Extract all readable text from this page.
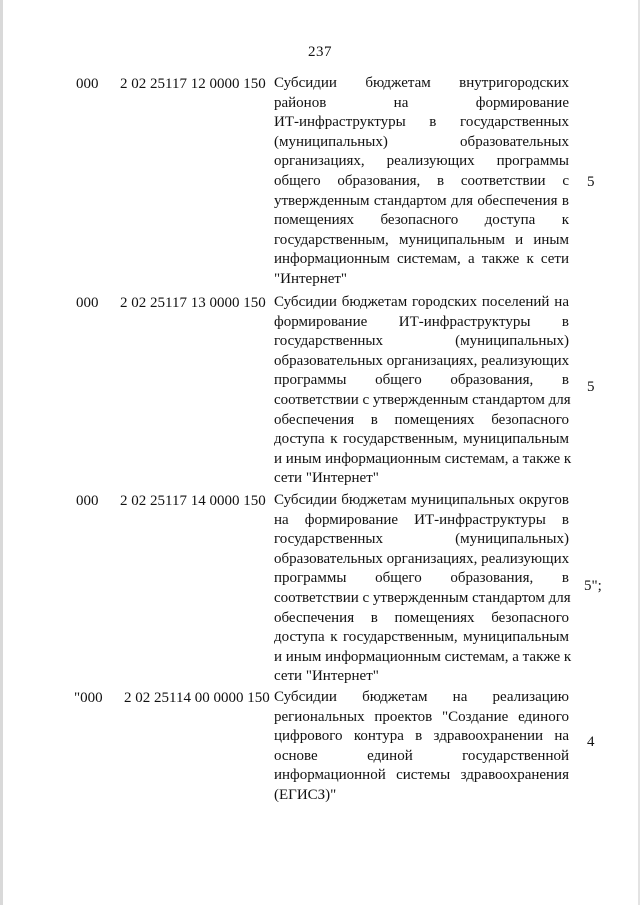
237
000 2 02 25117 12 0000 150 Субсидии бюджетам внутригородских
районов на формирование
ИТ-инфраструктуры в государственных
(муниципальных) образовательных
организациях, реализующих программы
общего образования, в соответствии с
утвержденным стандартом для обеспечения в
помещениях безопасного доступа к
государственным, муниципальным и иным
информационным системам, а также к сети
"Интернет"
5
000 2 02 25117 13 0000 150 Субсидии бюджетам городских поселений на
формирование ИТ-инфраструктуры в
государственных (муниципальных)
образовательных организациях, реализующих
программы общего образования, в
соответствии с утвержденным стандартом для
обеспечения в помещениях безопасного
доступа к государственным, муниципальным
и иным информационным системам, а также к
сети "Интернет"
5
000 2 02 25117 14 0000 150 Субсидии бюджетам муниципальных округов
на формирование ИТ-инфраструктуры в
государственных (муниципальных)
образовательных организациях, реализующих
программы общего образования, в
соответствии с утвержденным стандартом для
обеспечения в помещениях безопасного
доступа к государственным, муниципальным
и иным информационным системам, а также к
сети "Интернет"
5";
"000 2 02 25114 00 0000 150 Субсидии бюджетам на реализацию
региональных проектов "Создание единого
цифрового контура в здравоохранении на
основе единой государственной
информационной системы здравоохранения
(ЕГИСЗ)"
4
